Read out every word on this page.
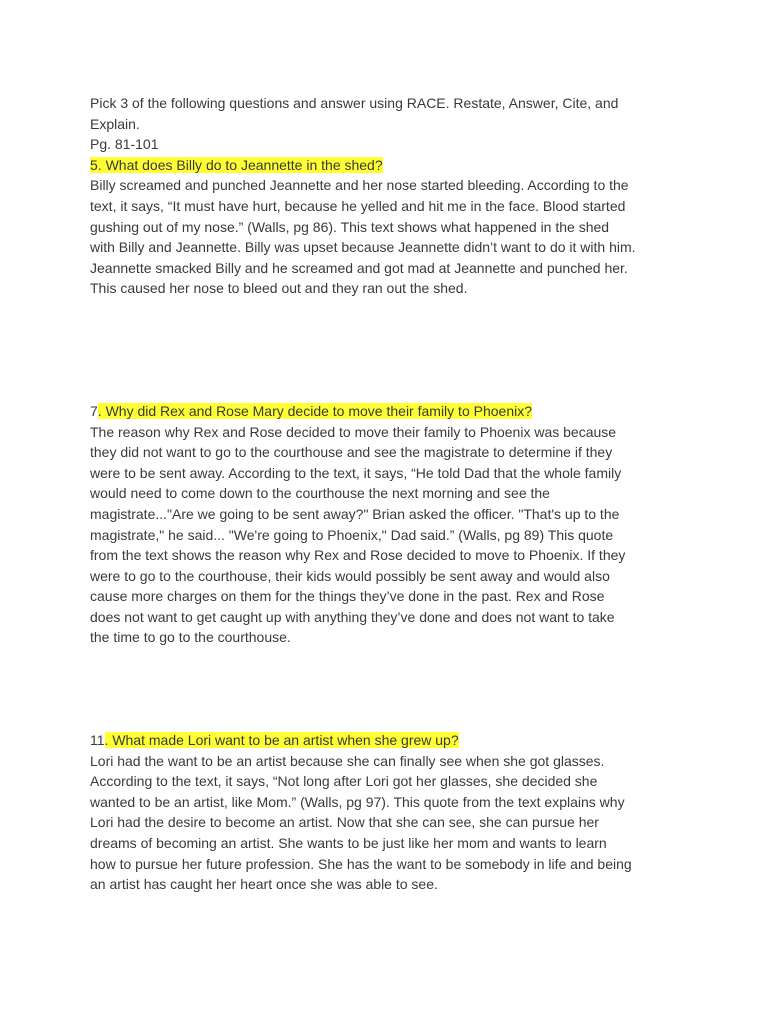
Pick 3 of the following questions and answer using RACE. Restate, Answer, Cite, and
Explain.
Pg. 81-101
5. What does Billy do to Jeannette in the shed?

Billy screamed and punched Jeannette and her nose started bleeding. According to the
text, it says, “It must have hurt, because he yelled and hit me in the face. Blood started
gushing out of my nose.” (Walls, pg 86). This text shows what happened in the shed
with Billy and Jeannette. Billy was upset because Jeannette didn’t want to do it with him.
Jeannette smacked Billy and he screamed and got mad at Jeannette and punched her.
This caused her nose to bleed out and they ran out the shed.

7. Why did Rex and Rose Mary decide to move their family to Phoenix?

The reason why Rex and Rose decided to move their family to Phoenix was because
they did not want to go to the courthouse and see the magistrate to determine if they
were to be sent away. According to the text, it says, “He told Dad that the whole family
would need to come down to the courthouse the next morning and see the
magistrate..."Are we going to be sent away?" Brian asked the officer. "That's up to the
magistrate," he said... "We're going to Phoenix," Dad said.” (Walls, pg 89) This quote
from the text shows the reason why Rex and Rose decided to move to Phoenix. If they
were to go to the courthouse, their kids would possibly be sent away and would also
cause more charges on them for the things they’ve done in the past. Rex and Rose
does not want to get caught up with anything they’ve done and does not want to take
the time to go to the courthouse.

11. What made Lori want to be an artist when she grew up?

Lori had the want to be an artist because she can finally see when she got glasses.
According to the text, it says, “Not long after Lori got her glasses, she decided she
wanted to be an artist, like Mom.” (Walls, pg 97). This quote from the text explains why
Lori had the desire to become an artist. Now that she can see, she can pursue her
dreams of becoming an artist. She wants to be just like her mom and wants to learn
how to pursue her future profession. She has the want to be somebody in life and being
an artist has caught her heart once she was able to see.
